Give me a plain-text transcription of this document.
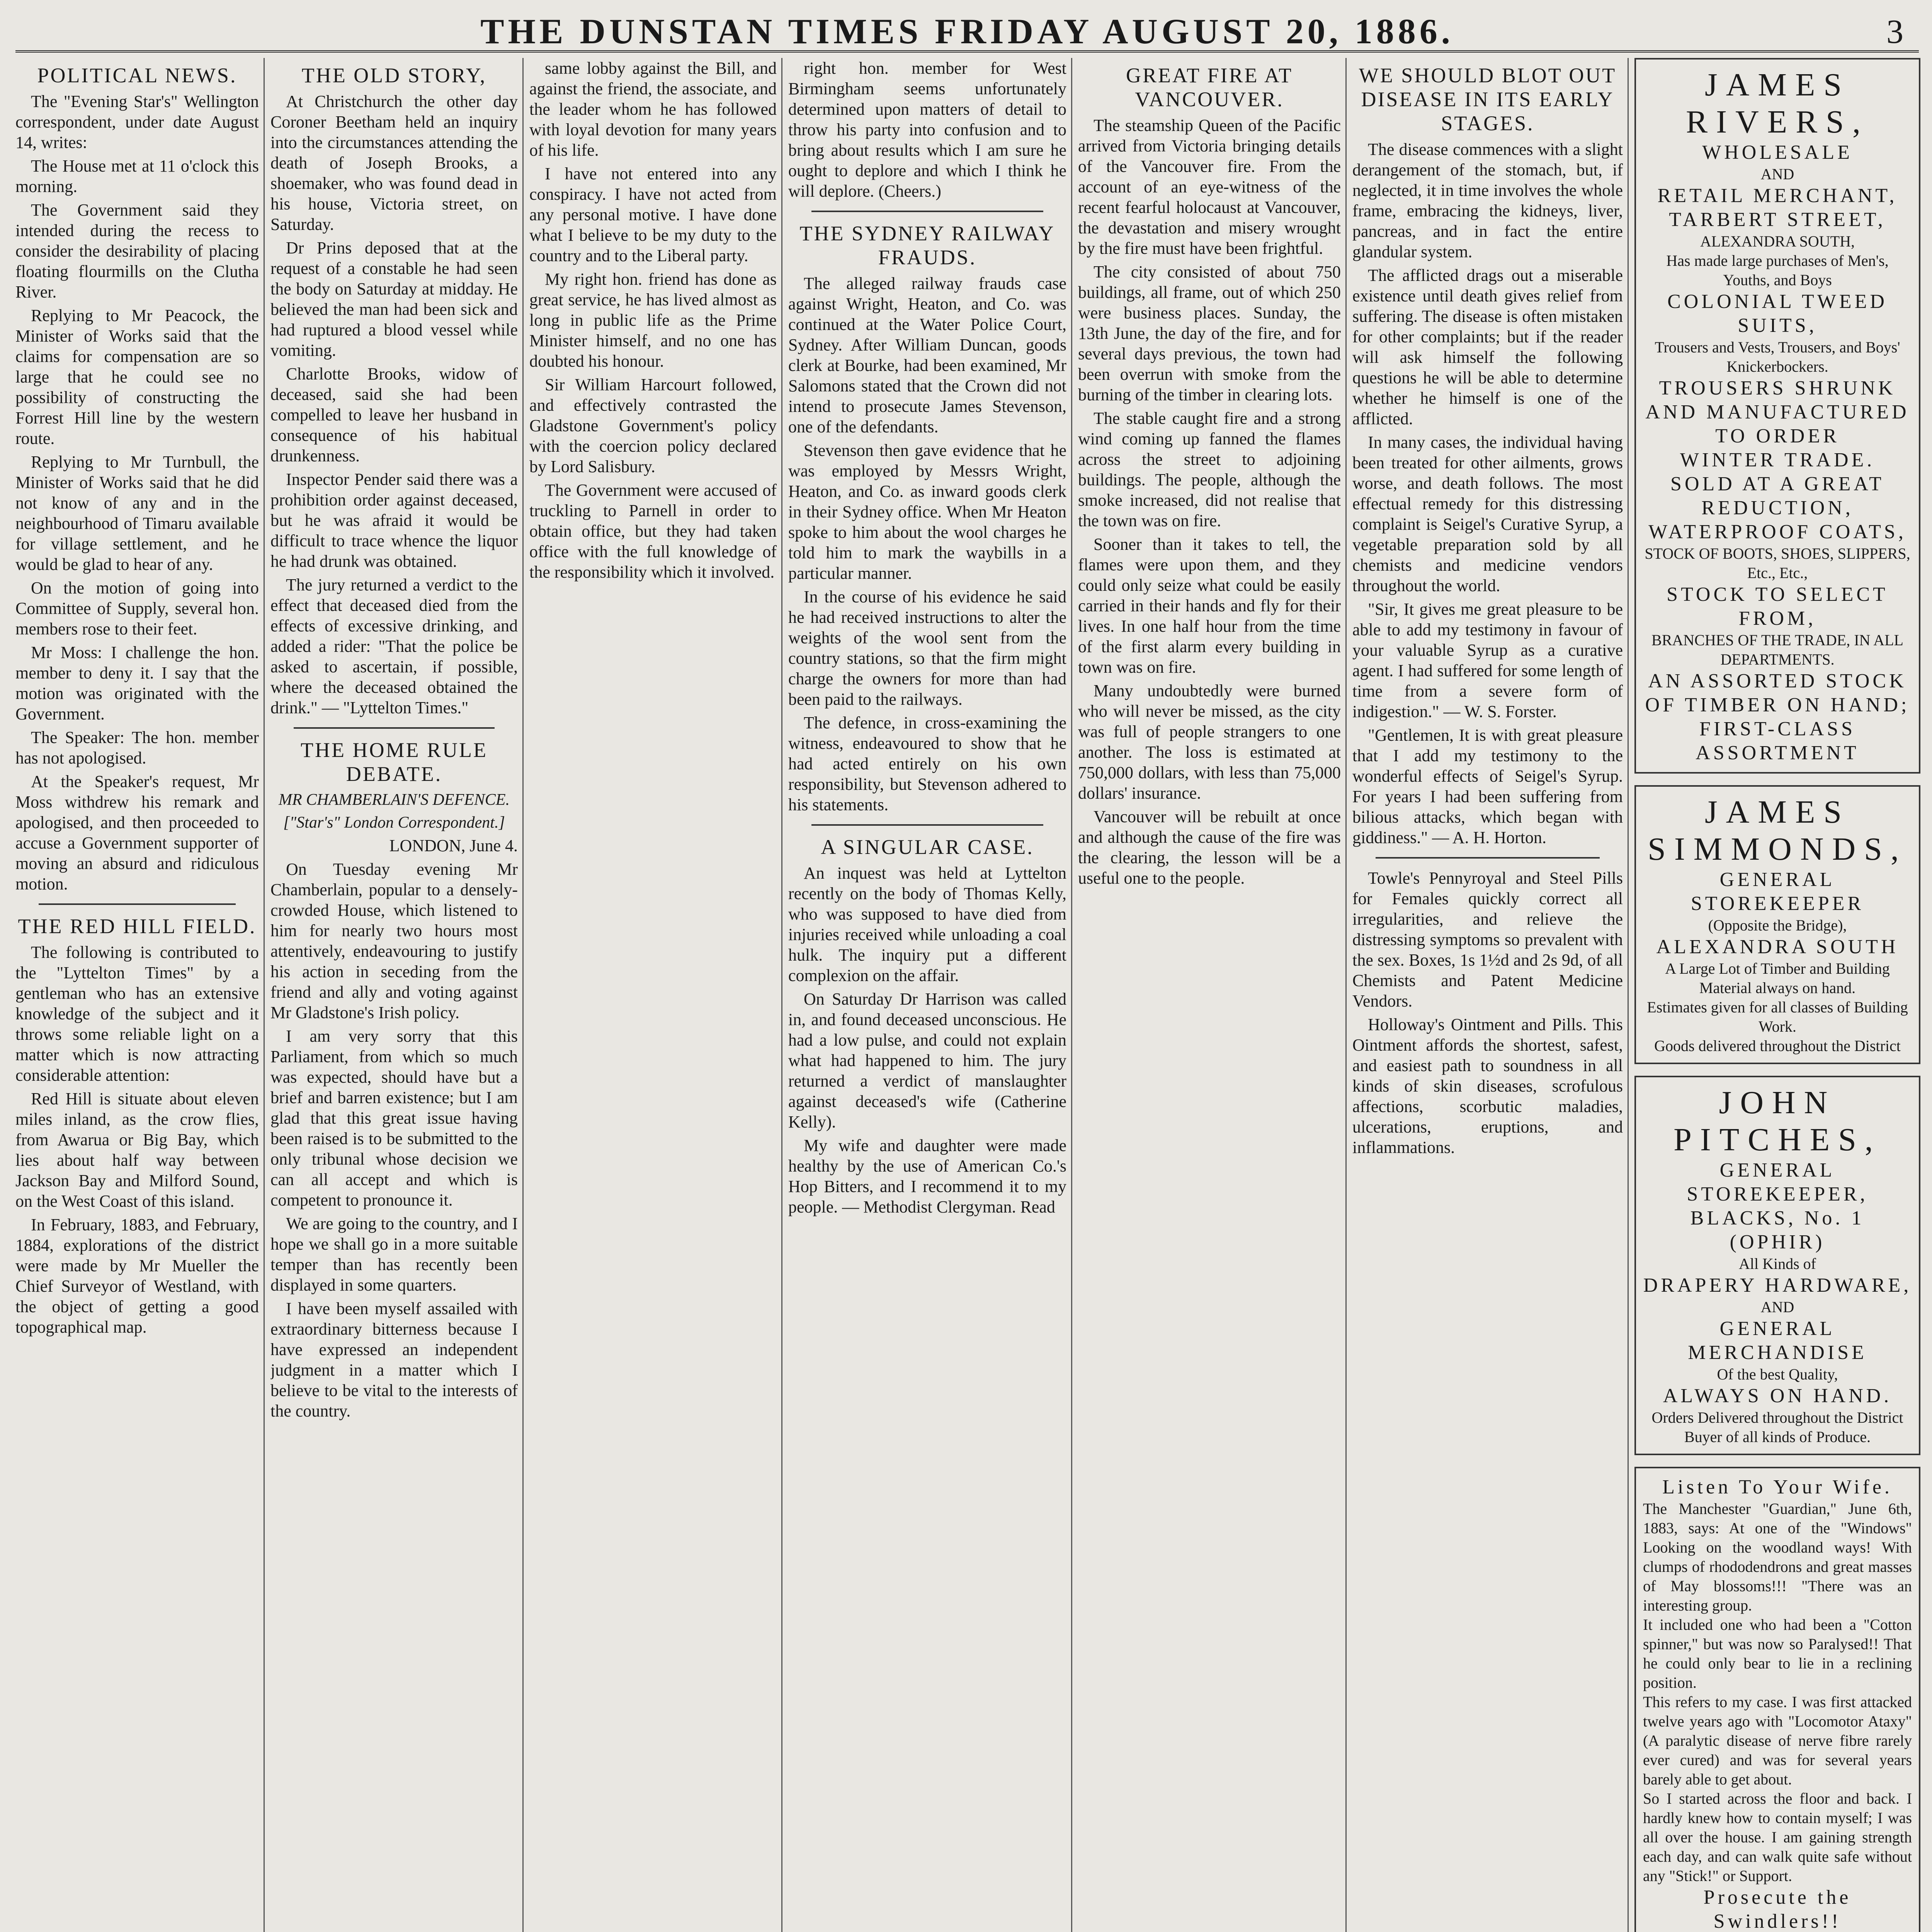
THE DUNSTAN TIMES FRIDAY AUGUST 20, 1886.	3
POLITICAL NEWS.

The "Evening Star's" Wellington correspondent, under date August 14, writes:

The House met at 11 o'clock this morning.

The Government said they intended during the recess to consider the desirability of placing floating flourmills on the Clutha River.

Replying to Mr Peacock, the Minister of Works said that the claims for compensation are so large that he could see no possibility of constructing the Forrest Hill line by the western route.

Replying to Mr Turnbull, the Minister of Works said that he did not know of any and in the neighbourhood of Timaru available for village settlement, and he would be glad to hear of any.

On the motion of going into Committee of Supply, several hon. members rose to their feet.

Mr Moss: I challenge the hon. member to deny it. I say that the motion was originated with the Government.

The Speaker: The hon. member has not apologised.

At the Speaker's request, Mr Moss withdrew his remark and apologised, and then proceeded to accuse a Government supporter of moving an absurd and ridiculous motion.

THE RED HILL FIELD.

The following is contributed to the "Lyttelton Times" by a gentleman who has an extensive knowledge of the subject and it throws some reliable light on a matter which is now attracting considerable attention:

Red Hill is situate about eleven miles inland, as the crow flies, from Awarua or Big Bay, which lies about half way between Jackson Bay and Milford Sound, on the West Coast of this island.

In February, 1883, and February, 1884, explorations of the district were made by Mr Mueller the Chief Surveyor of Westland, with the object of getting a good topographical map.

THE OLD STORY,

At Christchurch the other day Coroner Beetham held an inquiry into the circumstances attending the death of Joseph Brooks, a shoemaker, who was found dead in his house, Victoria street, on Saturday.

Dr Prins deposed that at the request of a constable he had seen the body on Saturday at midday. He believed the man had been sick and had ruptured a blood vessel while vomiting.

Charlotte Brooks, widow of deceased, said she had been compelled to leave her husband in consequence of his habitual drunkenness.

Inspector Pender said there was a prohibition order against deceased, but he was afraid it would be difficult to trace whence the liquor he had drunk was obtained.

The jury returned a verdict to the effect that deceased died from the effects of excessive drinking, and added a rider: "That the police be asked to ascertain, if possible, where the deceased obtained the drink." — "Lyttelton Times."

THE HOME RULE DEBATE.
MR CHAMBERLAIN'S DEFENCE.
["Star's" London Correspondent.]

LONDON, June 4.

On Tuesday evening Mr Chamberlain, popular to a densely-crowded House, which listened to him for nearly two hours most attentively, endeavouring to justify his action in seceding from the friend and ally and voting against Mr Gladstone's Irish policy.

I am very sorry that this Parliament, from which so much was expected, should have but a brief and barren existence; but I am glad that this great issue having been raised is to be submitted to the only tribunal whose decision we can all accept and which is competent to pronounce it.

We are going to the country, and I hope we shall go in a more suitable temper than has recently been displayed in some quarters.

I have been myself assailed with extraordinary bitterness because I have expressed an independent judgment in a matter which I believe to be vital to the interests of the country.

same lobby against the Bill, and against the friend, the associate, and the leader whom he has followed with loyal devotion for many years of his life.

I have not entered into any conspiracy. I have not acted from any personal motive. I have done what I believe to be my duty to the country and to the Liberal party.

My right hon. friend has done as great service, he has lived almost as long in public life as the Prime Minister himself, and no one has doubted his honour.

Sir William Harcourt followed, and effectively contrasted the Gladstone Government's policy with the coercion policy declared by Lord Salisbury.

The Government were accused of truckling to Parnell in order to obtain office, but they had taken office with the full knowledge of the responsibility which it involved.

right hon. member for West Birmingham seems unfortunately determined upon matters of detail to throw his party into confusion and to bring about results which I am sure he ought to deplore and which I think he will deplore. (Cheers.)

THE SYDNEY RAILWAY FRAUDS.

The alleged railway frauds case against Wright, Heaton, and Co. was continued at the Water Police Court, Sydney. After William Duncan, goods clerk at Bourke, had been examined, Mr Salomons stated that the Crown did not intend to prosecute James Stevenson, one of the defendants.

Stevenson then gave evidence that he was employed by Messrs Wright, Heaton, and Co. as inward goods clerk in their Sydney office. When Mr Heaton spoke to him about the wool charges he told him to mark the waybills in a particular manner.

In the course of his evidence he said he had received instructions to alter the weights of the wool sent from the country stations, so that the firm might charge the owners for more than had been paid to the railways.

The defence, in cross-examining the witness, endeavoured to show that he had acted entirely on his own responsibility, but Stevenson adhered to his statements.

A SINGULAR CASE.

An inquest was held at Lyttelton recently on the body of Thomas Kelly, who was supposed to have died from injuries received while unloading a coal hulk. The inquiry put a different complexion on the affair.

On Saturday Dr Harrison was called in, and found deceased unconscious. He had a low pulse, and could not explain what had happened to him. The jury returned a verdict of manslaughter against deceased's wife (Catherine Kelly).

My wife and daughter were made healthy by the use of American Co.'s Hop Bitters, and I recommend it to my people. — Methodist Clergyman. Read

GREAT FIRE AT VANCOUVER.

The steamship Queen of the Pacific arrived from Victoria bringing details of the Vancouver fire. From the account of an eye-witness of the recent fearful holocaust at Vancouver, the devastation and misery wrought by the fire must have been frightful.

The city consisted of about 750 buildings, all frame, out of which 250 were business places. Sunday, the 13th June, the day of the fire, and for several days previous, the town had been overrun with smoke from the burning of the timber in clearing lots.

The stable caught fire and a strong wind coming up fanned the flames across the street to adjoining buildings. The people, although the smoke increased, did not realise that the town was on fire.

Sooner than it takes to tell, the flames were upon them, and they could only seize what could be easily carried in their hands and fly for their lives. In one half hour from the time of the first alarm every building in town was on fire.

Many undoubtedly were burned who will never be missed, as the city was full of people strangers to one another. The loss is estimated at 750,000 dollars, with less than 75,000 dollars' insurance.

Vancouver will be rebuilt at once and although the cause of the fire was the clearing, the lesson will be a useful one to the people.

WE SHOULD BLOT OUT DISEASE IN ITS EARLY STAGES.

The disease commences with a slight derangement of the stomach, but, if neglected, it in time involves the whole frame, embracing the kidneys, liver, pancreas, and in fact the entire glandular system.

The afflicted drags out a miserable existence until death gives relief from suffering. The disease is often mistaken for other complaints; but if the reader will ask himself the following questions he will be able to determine whether he himself is one of the afflicted.

In many cases, the individual having been treated for other ailments, grows worse, and death follows. The most effectual remedy for this distressing complaint is Seigel's Curative Syrup, a vegetable preparation sold by all chemists and medicine vendors throughout the world.

"Sir, It gives me great pleasure to be able to add my testimony in favour of your valuable Syrup as a curative agent. I had suffered for some length of time from a severe form of indigestion." — W. S. Forster.

"Gentlemen, It is with great pleasure that I add my testimony to the wonderful effects of Seigel's Syrup. For years I had been suffering from bilious attacks, which began with giddiness." — A. H. Horton.

Towle's Pennyroyal and Steel Pills for Females quickly correct all irregularities, and relieve the distressing symptoms so prevalent with the sex. Boxes, 1s 1½d and 2s 9d, of all Chemists and Patent Medicine Vendors.

Holloway's Ointment and Pills. This Ointment affords the shortest, safest, and easiest path to soundness in all kinds of skin diseases, scrofulous affections, scorbutic maladies, ulcerations, eruptions, and inflammations.

JAMES RIVERS,
WHOLESALE
AND
RETAIL MERCHANT,
TARBERT STREET,
ALEXANDRA SOUTH,
Has made large purchases of Men's, Youths, and Boys
COLONIAL TWEED SUITS,
Trousers and Vests, Trousers, and Boys' Knickerbockers.
TROUSERS SHRUNK AND MANUFACTURED TO ORDER
WINTER TRADE.
SOLD AT A GREAT REDUCTION,
WATERPROOF COATS,
STOCK OF BOOTS, SHOES, SLIPPERS, Etc., Etc.,
STOCK TO SELECT FROM,
BRANCHES OF THE TRADE, IN ALL DEPARTMENTS.
AN ASSORTED STOCK OF TIMBER ON HAND;
FIRST-CLASS ASSORTMENT
JAMES SIMMONDS,
GENERAL STOREKEEPER
(Opposite the Bridge),
ALEXANDRA SOUTH
A Large Lot of Timber and Building Material always on hand.
Estimates given for all classes of Building Work.
Goods delivered throughout the District
JOHN PITCHES,
GENERAL STOREKEEPER,
BLACKS, No. 1 (OPHIR)
All Kinds of
DRAPERY HARDWARE,
AND
GENERAL MERCHANDISE
Of the best Quality,
ALWAYS ON HAND.
Orders Delivered throughout the District
Buyer of all kinds of Produce.
Listen To Your Wife.
The Manchester "Guardian," June 6th, 1883, says: At one of the "Windows" Looking on the woodland ways! With clumps of rhododendrons and great masses of May blossoms!!! "There was an interesting group.
It included one who had been a "Cotton spinner," but was now so Paralysed!! That he could only bear to lie in a reclining position.
This refers to my case. I was first attacked twelve years ago with "Locomotor Ataxy" (A paralytic disease of nerve fibre rarely ever cured) and was for several years barely able to get about.
So I started across the floor and back. I hardly knew how to contain myself; I was all over the house. I am gaining strength each day, and can walk quite safe without any "Stick!" or Support.
Prosecute the Swindlers!!
